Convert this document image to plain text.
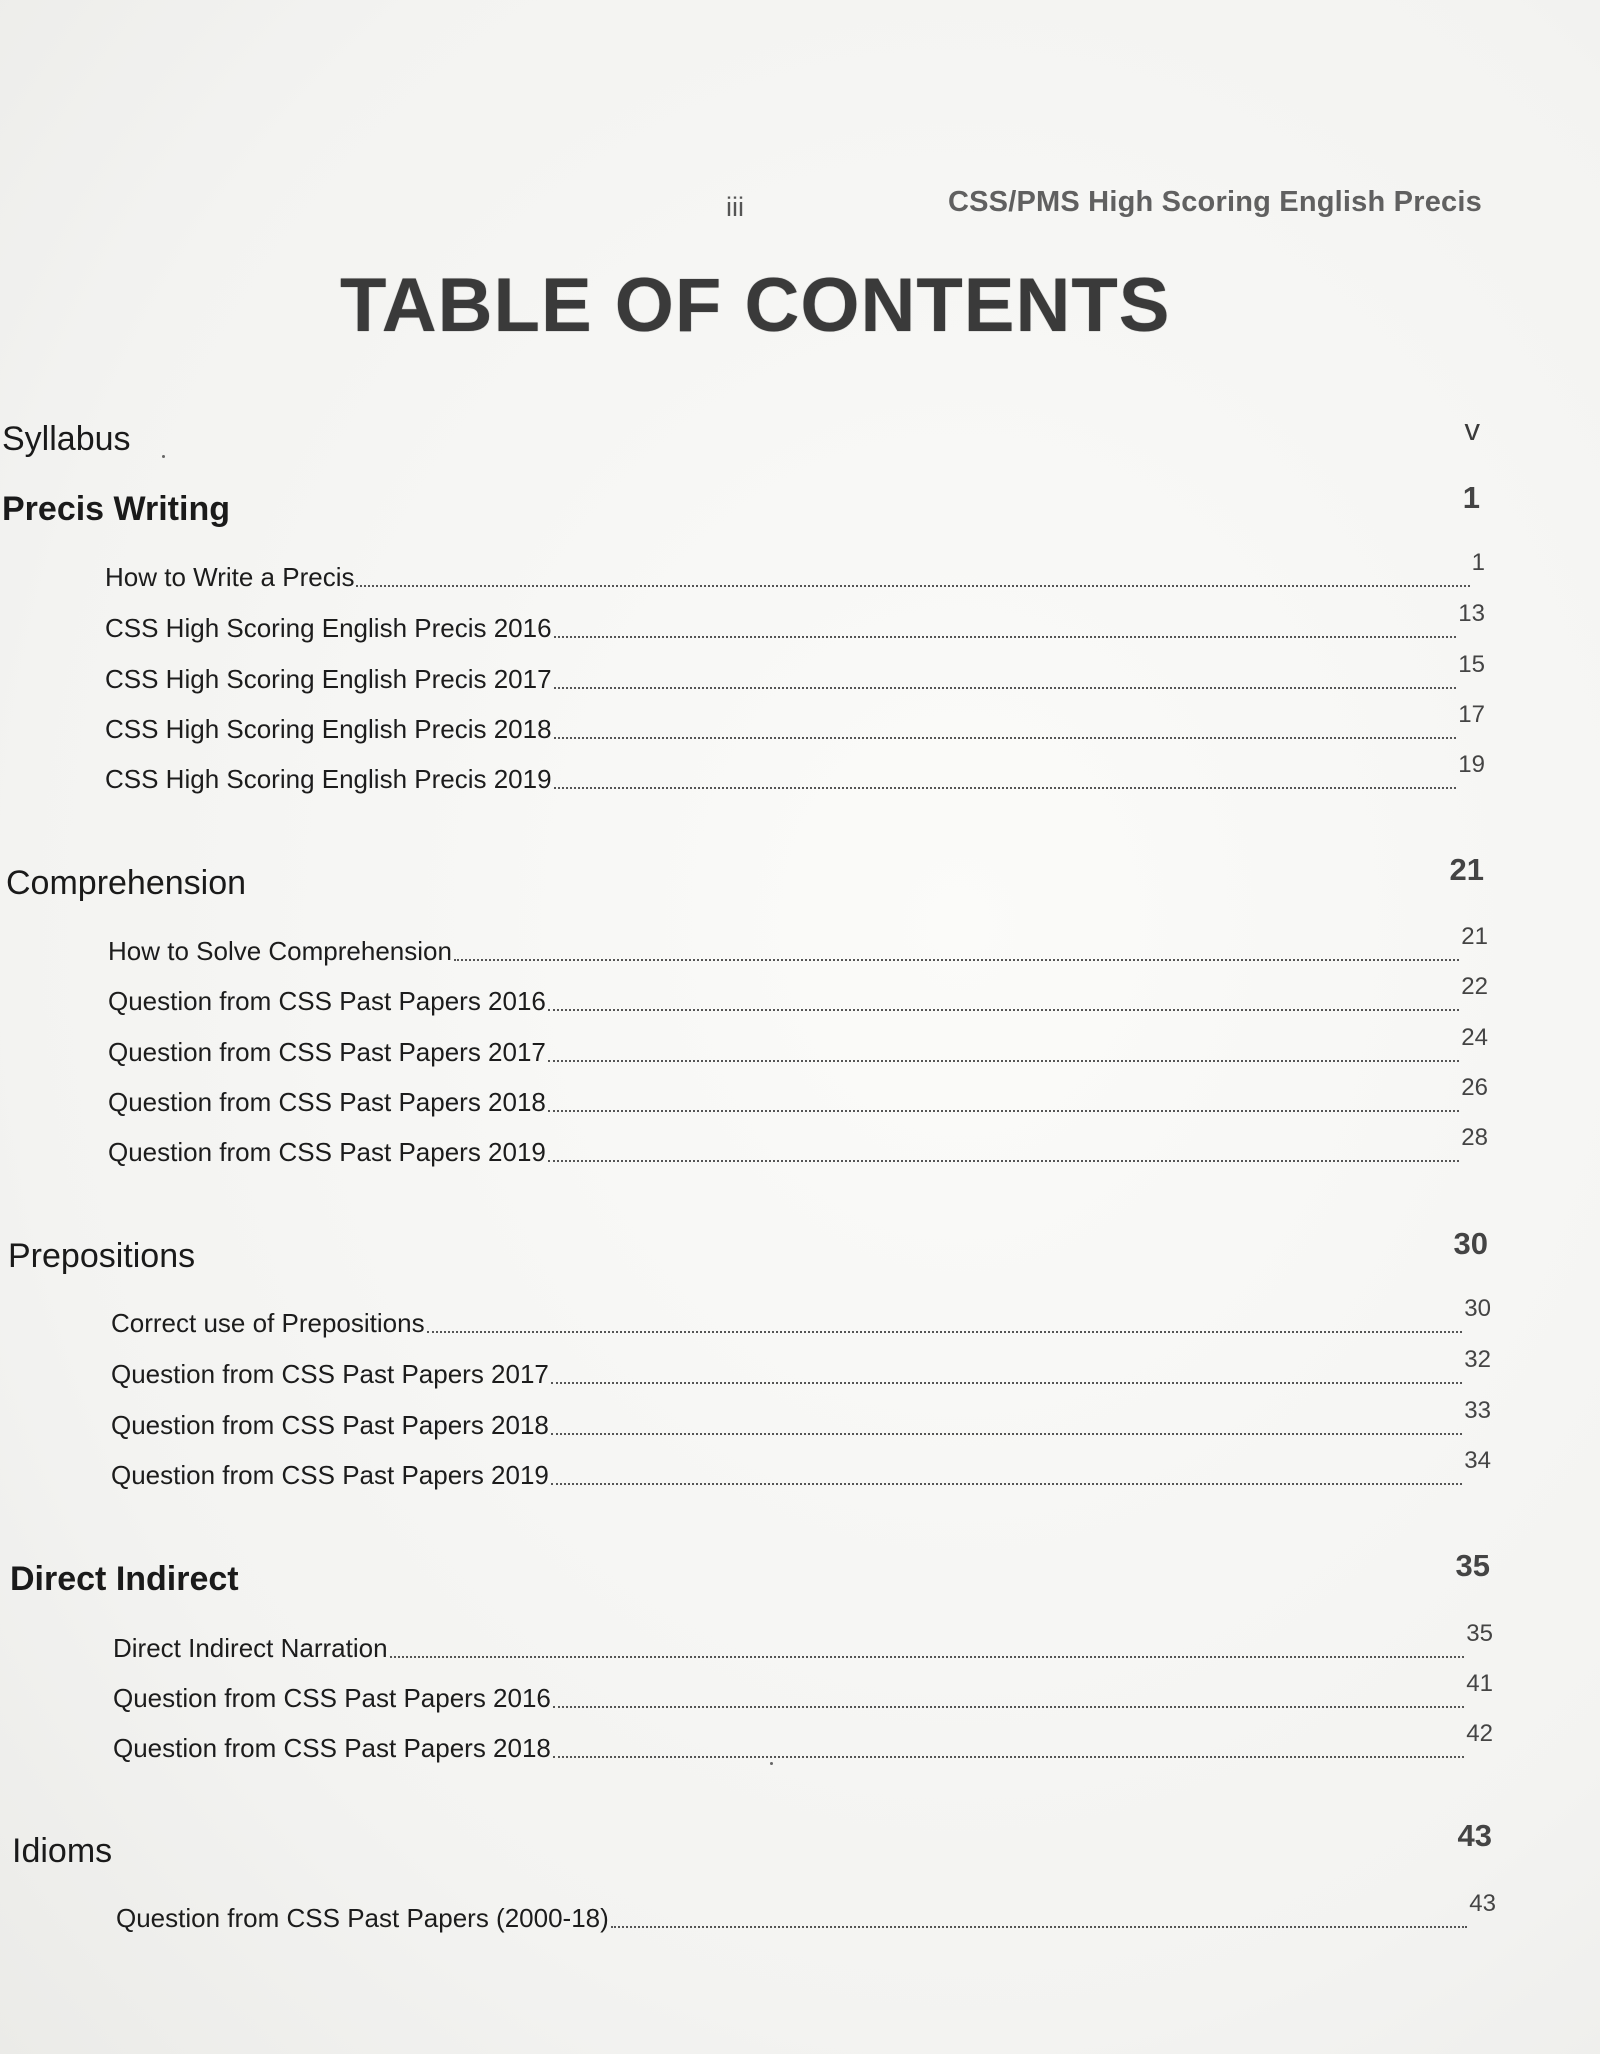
iii	CSS/PMS High Scoring English Precis
TABLE OF CONTENTS
Syllabus	v
Precis Writing	1
How to Write a Precis	1
CSS High Scoring English Precis 2016	13
CSS High Scoring English Precis 2017	15
CSS High Scoring English Precis 2018	17
CSS High Scoring English Precis 2019	19
Comprehension	21
How to Solve Comprehension	21
Question from CSS Past Papers 2016	22
Question from CSS Past Papers 2017	24
Question from CSS Past Papers 2018	26
Question from CSS Past Papers 2019	28
Prepositions	30
Correct use of Prepositions	30
Question from CSS Past Papers 2017	32
Question from CSS Past Papers 2018	33
Question from CSS Past Papers 2019	34
Direct Indirect	35
Direct Indirect Narration	35
Question from CSS Past Papers 2016	41
Question from CSS Past Papers 2018	42
Idioms	43
Question from CSS Past Papers (2000-18)	43
